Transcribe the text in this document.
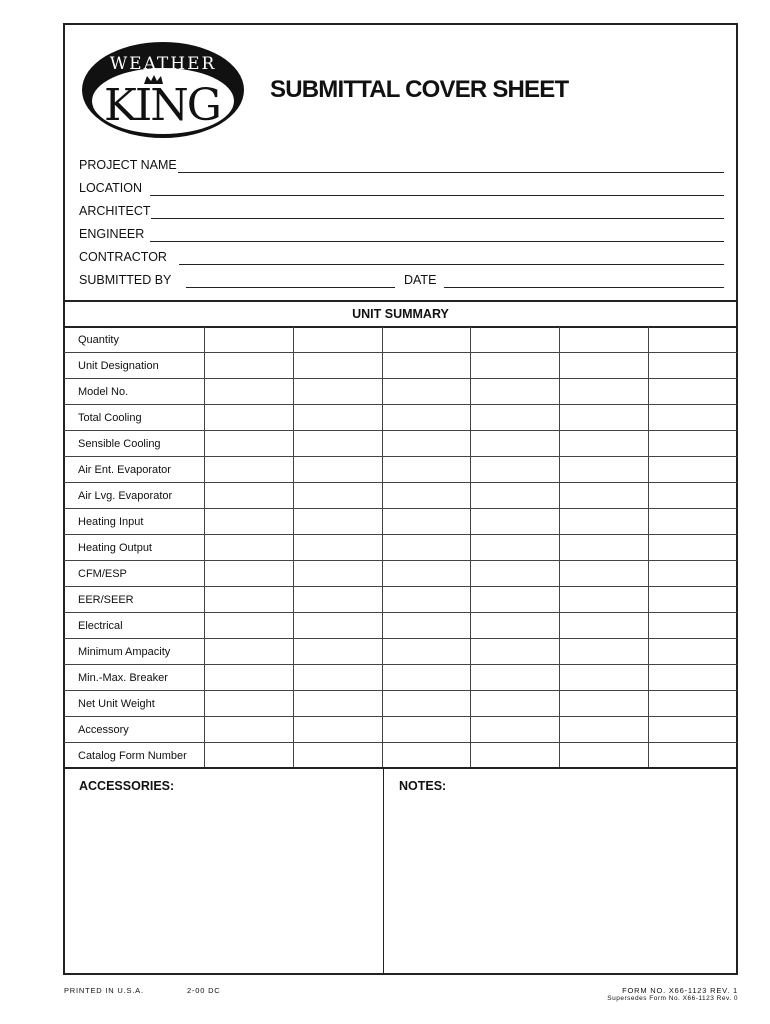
WEATHER
KING TM SUBMITTAL COVER SHEET
PROJECT NAME
LOCATION
ARCHITECT
ENGINEER
CONTRACTOR
SUBMITTED BY	DATE
UNIT SUMMARY
Quantity						
Unit Designation						
Model No.						
Total Cooling						
Sensible Cooling						
Air Ent. Evaporator						
Air Lvg. Evaporator						
Heating Input						
Heating Output						
CFM/ESP						
EER/SEER						
Electrical						
Minimum Ampacity						
Min.-Max. Breaker						
Net Unit Weight						
Accessory						
Catalog Form Number						
ACCESSORIES:	NOTES:
PRINTED IN U.S.A.	2-00 DC	FORM NO. X66-1123 REV. 1
Supersedes Form No. X66-1123 Rev. 0
